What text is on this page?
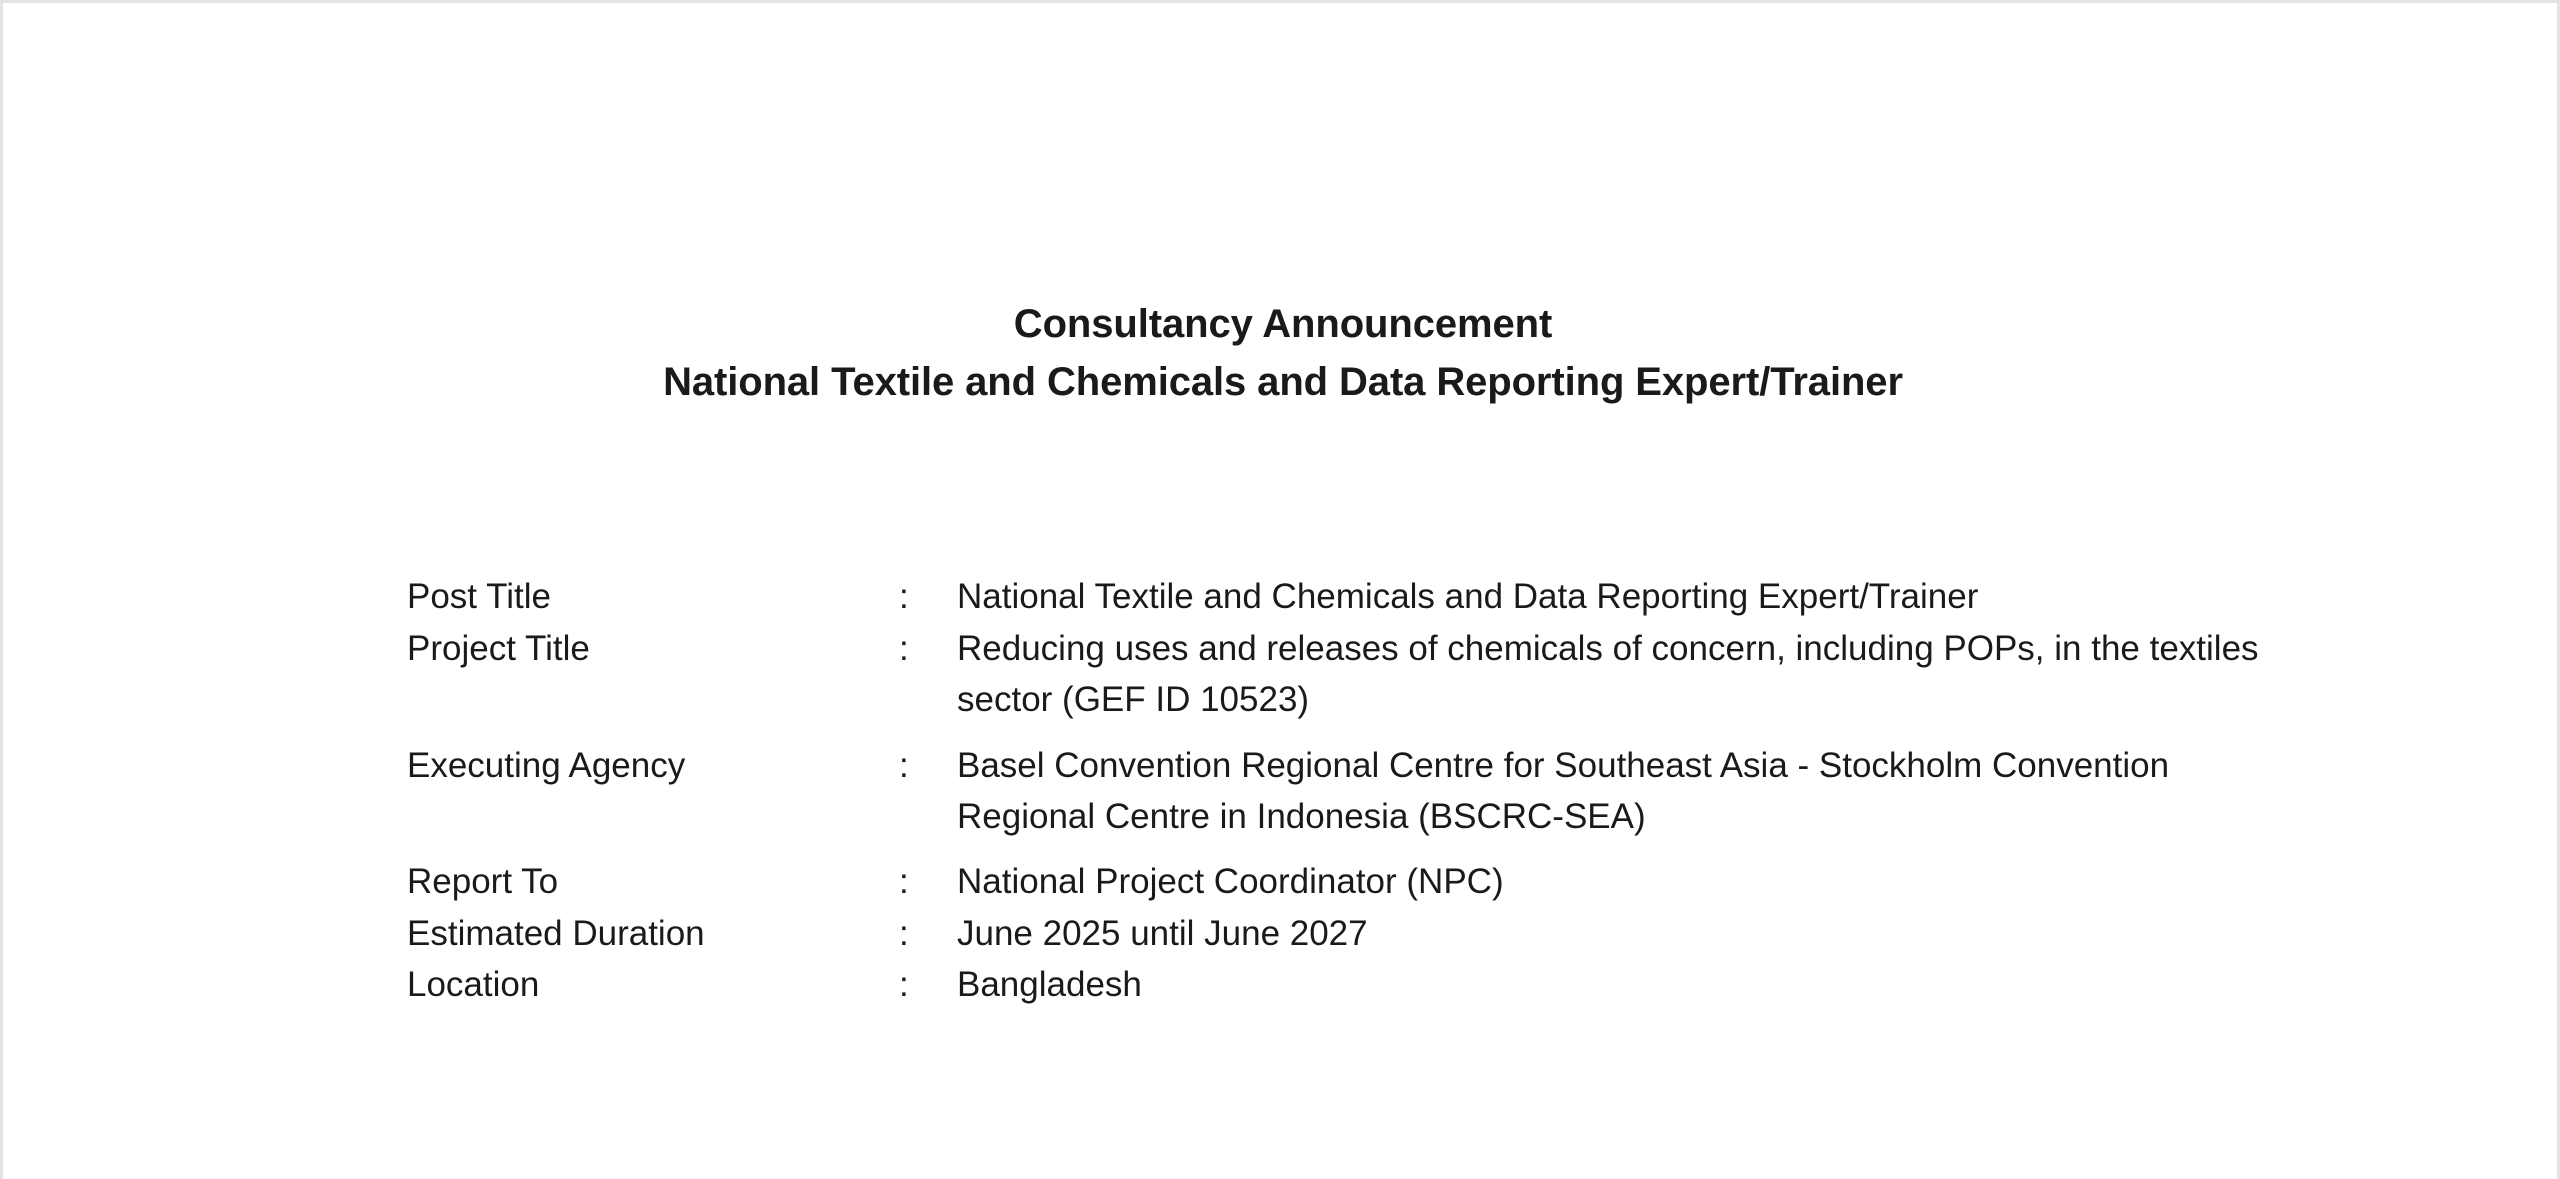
Consultancy Announcement
National Textile and Chemicals and Data Reporting Expert/Trainer
Post Title	:	National Textile and Chemicals and Data Reporting Expert/Trainer
Project Title	:	Reducing uses and releases of chemicals of concern, including POPs, in the textiles sector (GEF ID 10523)
Executing Agency	:	Basel Convention Regional Centre for Southeast Asia - Stockholm Convention Regional Centre in Indonesia (BSCRC-SEA)
Report To	:	National Project Coordinator (NPC)
Estimated Duration	:	June 2025 until June 2027
Location	:	Bangladesh
